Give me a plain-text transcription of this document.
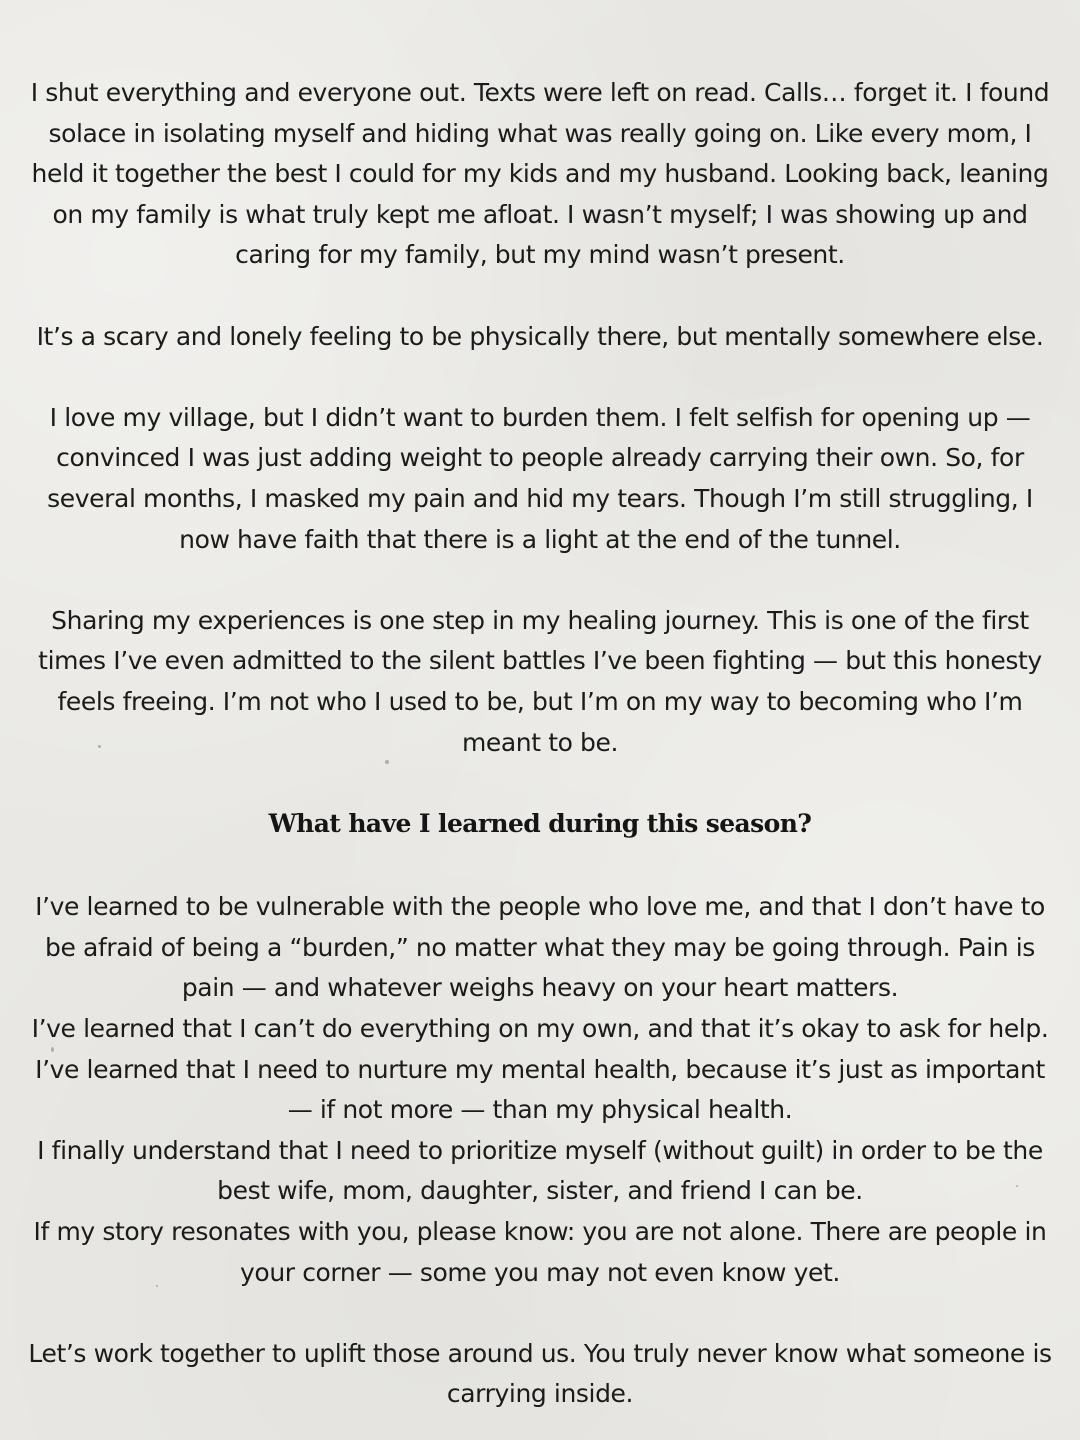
I shut everything and everyone out. Texts were left on read. Calls… forget it. I found solace in isolating myself and hiding what was really going on. Like every mom, I held it together the best I could for my kids and my husband. Looking back, leaning on my family is what truly kept me afloat. I wasn’t myself; I was showing up and caring for my family, but my mind wasn’t present.

It’s a scary and lonely feeling to be physically there, but mentally somewhere else.

I love my village, but I didn’t want to burden them. I felt selfish for opening up — convinced I was just adding weight to people already carrying their own. So, for several months, I masked my pain and hid my tears. Though I’m still struggling, I now have faith that there is a light at the end of the tunnel.

Sharing my experiences is one step in my healing journey. This is one of the first times I’ve even admitted to the silent battles I’ve been fighting — but this honesty feels freeing. I’m not who I used to be, but I’m on my way to becoming who I’m meant to be.

What have I learned during this season?

I’ve learned to be vulnerable with the people who love me, and that I don’t have to be afraid of being a “burden,” no matter what they may be going through. Pain is pain — and whatever weighs heavy on your heart matters.

I’ve learned that I can’t do everything on my own, and that it’s okay to ask for help.

I’ve learned that I need to nurture my mental health, because it’s just as important — if not more — than my physical health.

I finally understand that I need to prioritize myself (without guilt) in order to be the best wife, mom, daughter, sister, and friend I can be.

If my story resonates with you, please know: you are not alone. There are people in your corner — some you may not even know yet.

Let’s work together to uplift those around us. You truly never know what someone is carrying inside.
